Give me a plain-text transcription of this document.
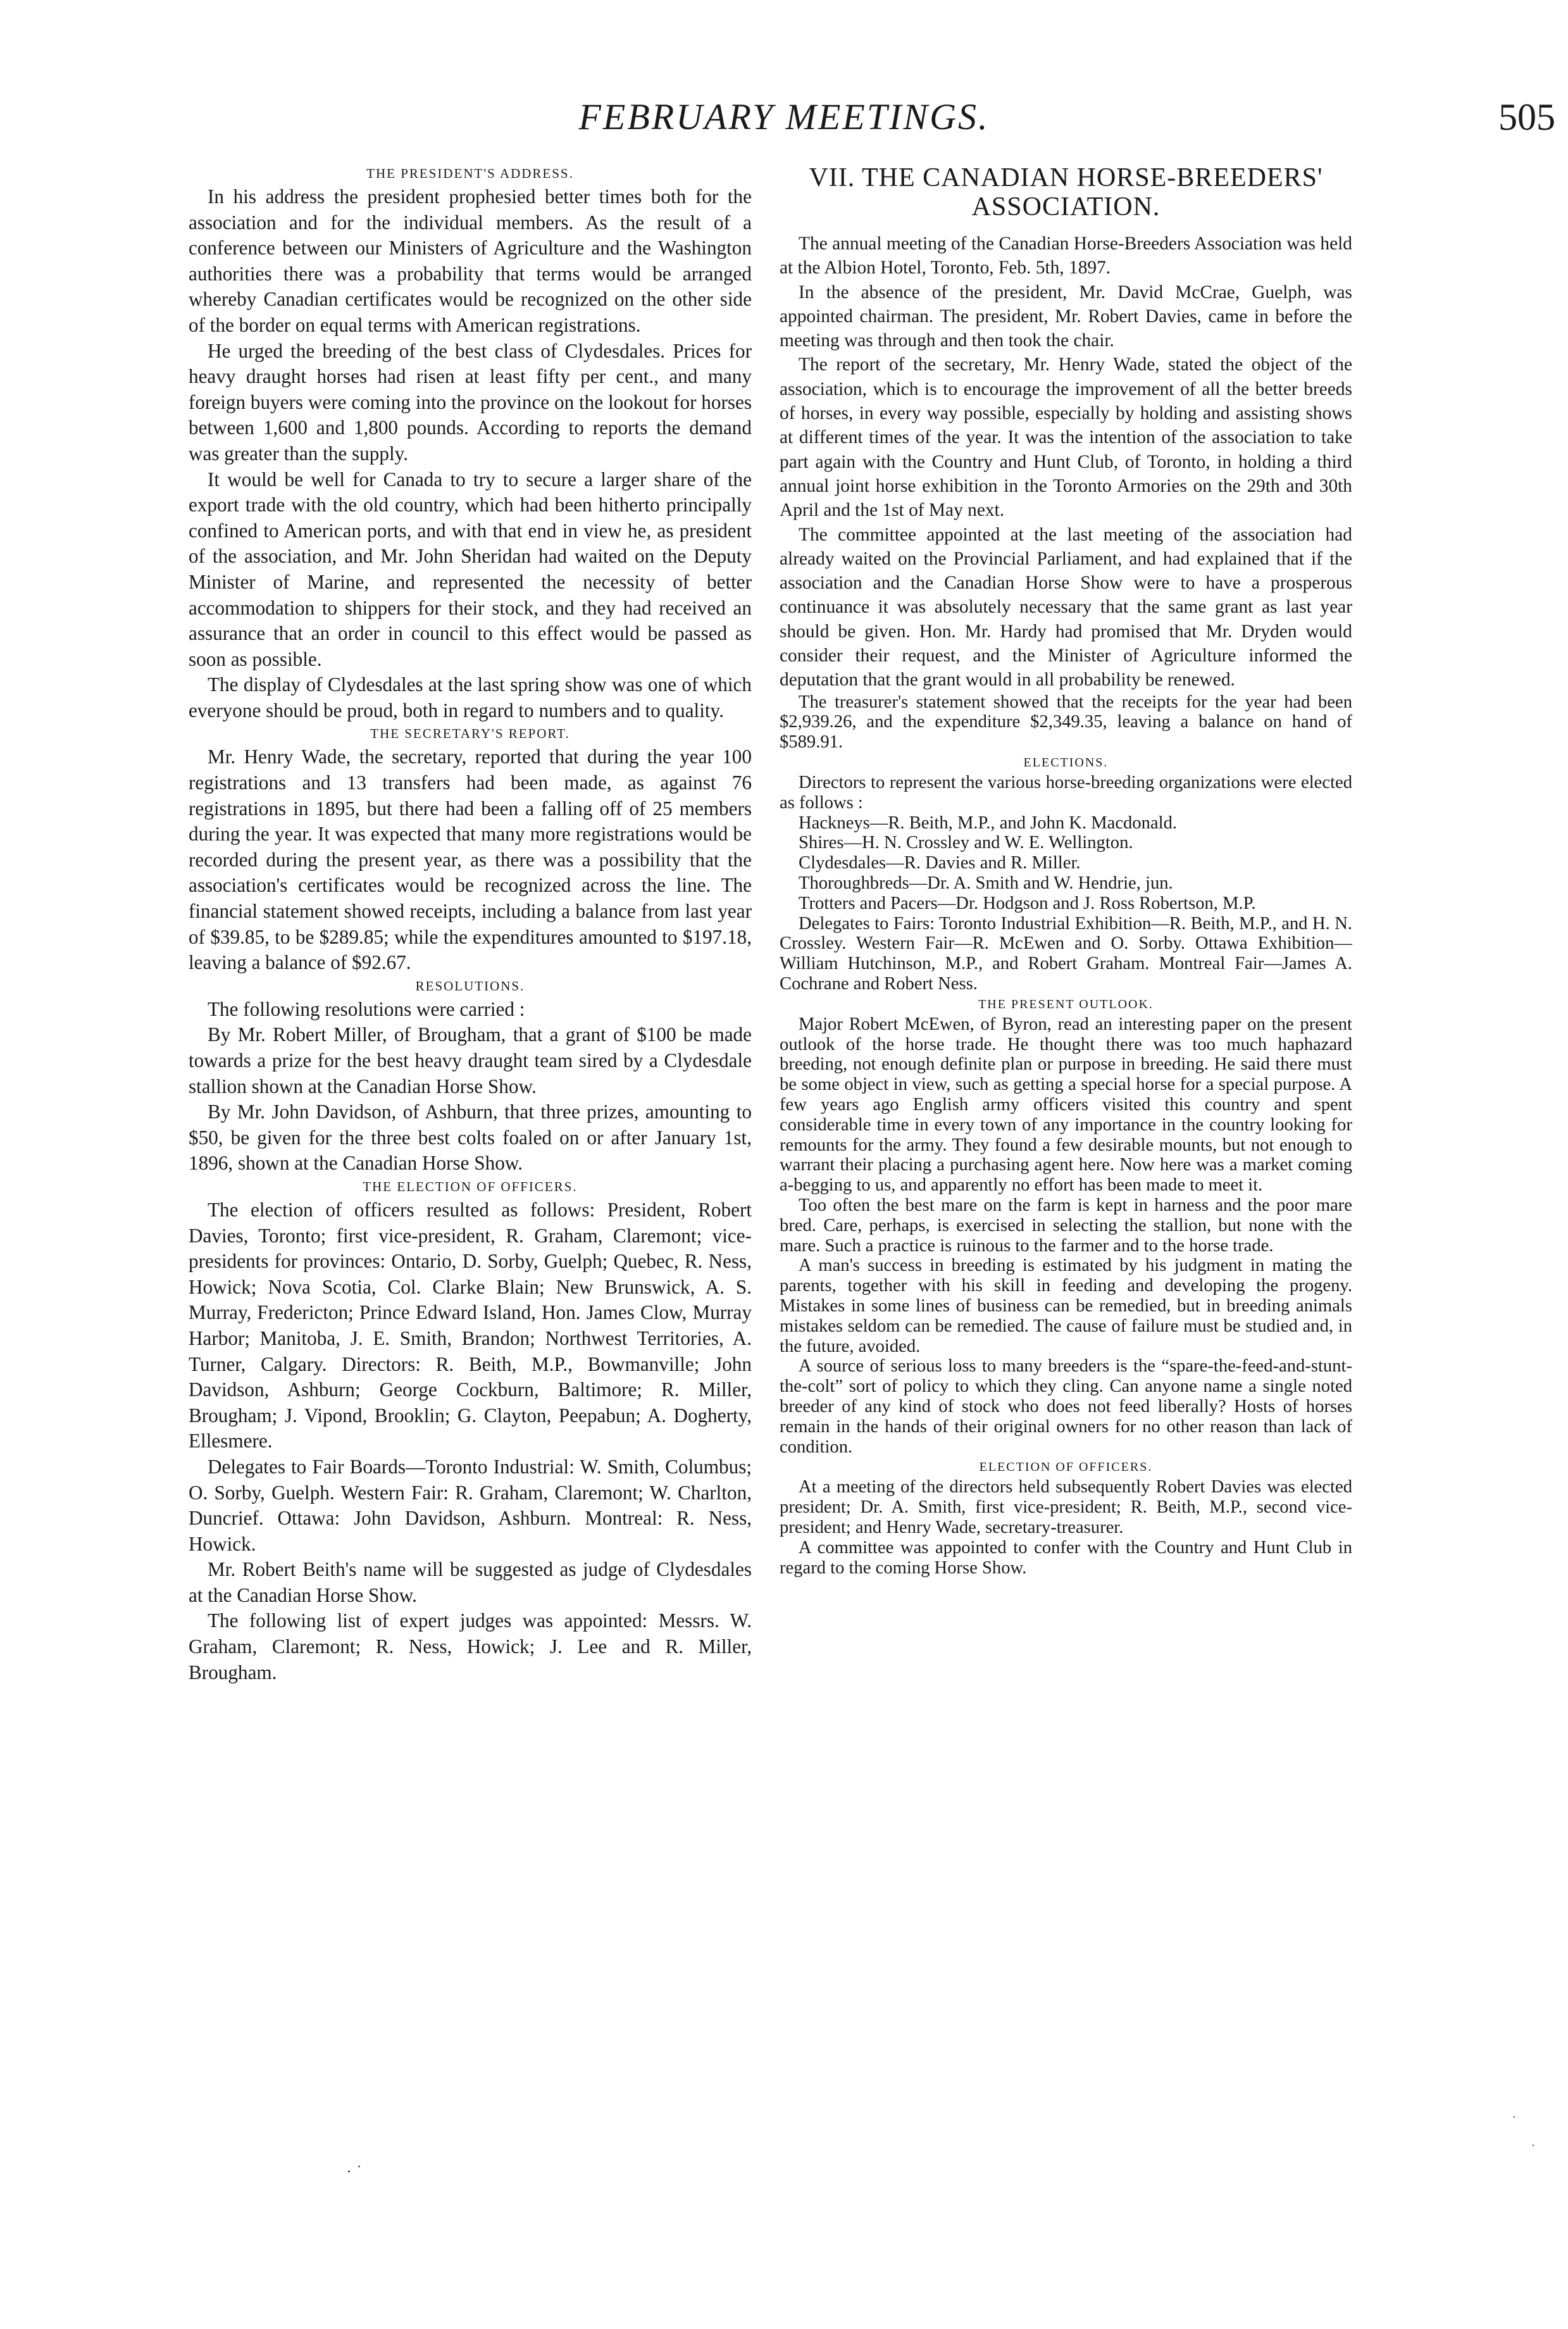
FEBRUARY MEETINGS.	505
THE PRESIDENT'S ADDRESS.

In his address the president prophesied better times both for the association and for the individual members. As the result of a conference between our Ministers of Agriculture and the Washington authorities there was a probability that terms would be arranged whereby Canadian certificates would be recognized on the other side of the border on equal terms with American registrations.

He urged the breeding of the best class of Clydesdales. Prices for heavy draught horses had risen at least fifty per cent., and many foreign buyers were coming into the province on the lookout for horses between 1,600 and 1,800 pounds. According to reports the demand was greater than the supply.

It would be well for Canada to try to secure a larger share of the export trade with the old country, which had been hitherto principally confined to American ports, and with that end in view he, as president of the association, and Mr. John Sheridan had waited on the Deputy Minister of Marine, and represented the necessity of better accommodation to shippers for their stock, and they had received an assurance that an order in council to this effect would be passed as soon as possible.

The display of Clydesdales at the last spring show was one of which everyone should be proud, both in regard to numbers and to quality.

THE SECRETARY'S REPORT.

Mr. Henry Wade, the secretary, reported that during the year 100 registrations and 13 transfers had been made, as against 76 registrations in 1895, but there had been a falling off of 25 members during the year. It was expected that many more registrations would be recorded during the present year, as there was a possibility that the association's certificates would be recognized across the line. The financial statement showed receipts, including a balance from last year of $39.85, to be $289.85; while the expenditures amounted to $197.18, leaving a balance of $92.67.

RESOLUTIONS.

The following resolutions were carried :

By Mr. Robert Miller, of Brougham, that a grant of $100 be made towards a prize for the best heavy draught team sired by a Clydesdale stallion shown at the Canadian Horse Show.

By Mr. John Davidson, of Ashburn, that three prizes, amounting to $50, be given for the three best colts foaled on or after January 1st, 1896, shown at the Canadian Horse Show.

THE ELECTION OF OFFICERS.

The election of officers resulted as follows: President, Robert Davies, Toronto; first vice-president, R. Graham, Claremont; vice-presidents for provinces: Ontario, D. Sorby, Guelph; Quebec, R. Ness, Howick; Nova Scotia, Col. Clarke Blain; New Brunswick, A. S. Murray, Fredericton; Prince Edward Island, Hon. James Clow, Murray Harbor; Manitoba, J. E. Smith, Brandon; Northwest Territories, A. Turner, Calgary. Directors: R. Beith, M.P., Bowmanville; John Davidson, Ashburn; George Cockburn, Baltimore; R. Miller, Brougham; J. Vipond, Brooklin; G. Clayton, Peepabun; A. Dogherty, Ellesmere.

Delegates to Fair Boards—Toronto Industrial: W. Smith, Columbus; O. Sorby, Guelph. Western Fair: R. Graham, Claremont; W. Charlton, Duncrief. Ottawa: John Davidson, Ashburn. Montreal: R. Ness, Howick.

Mr. Robert Beith's name will be suggested as judge of Clydesdales at the Canadian Horse Show.

The following list of expert judges was appointed: Messrs. W. Graham, Claremont; R. Ness, Howick; J. Lee and R. Miller, Brougham.

VII. THE CANADIAN HORSE-BREEDERS'
ASSOCIATION.

The annual meeting of the Canadian Horse-Breeders Association was held at the Albion Hotel, Toronto, Feb. 5th, 1897.

In the absence of the president, Mr. David McCrae, Guelph, was appointed chairman. The president, Mr. Robert Davies, came in before the meeting was through and then took the chair.

The report of the secretary, Mr. Henry Wade, stated the object of the association, which is to encourage the improvement of all the better breeds of horses, in every way possible, especially by holding and assisting shows at different times of the year. It was the intention of the association to take part again with the Country and Hunt Club, of Toronto, in holding a third annual joint horse exhibition in the Toronto Armories on the 29th and 30th April and the 1st of May next.

The committee appointed at the last meeting of the association had already waited on the Provincial Parliament, and had explained that if the association and the Canadian Horse Show were to have a prosperous continuance it was absolutely necessary that the same grant as last year should be given. Hon. Mr. Hardy had promised that Mr. Dryden would consider their request, and the Minister of Agriculture informed the deputation that the grant would in all probability be renewed.

The treasurer's statement showed that the receipts for the year had been $2,939.26, and the expenditure $2,349.35, leaving a balance on hand of $589.91.

ELECTIONS.

Directors to represent the various horse-breeding organizations were elected as follows :

Hackneys—R. Beith, M.P., and John K. Macdonald.

Shires—H. N. Crossley and W. E. Wellington.

Clydesdales—R. Davies and R. Miller.

Thoroughbreds—Dr. A. Smith and W. Hendrie, jun.

Trotters and Pacers—Dr. Hodgson and J. Ross Robertson, M.P.

Delegates to Fairs: Toronto Industrial Exhibition—R. Beith, M.P., and H. N. Crossley. Western Fair—R. McEwen and O. Sorby. Ottawa Exhibition—William Hutchinson, M.P., and Robert Graham. Montreal Fair—James A. Cochrane and Robert Ness.

THE PRESENT OUTLOOK.

Major Robert McEwen, of Byron, read an interesting paper on the present outlook of the horse trade. He thought there was too much haphazard breeding, not enough definite plan or purpose in breeding. He said there must be some object in view, such as getting a special horse for a special purpose. A few years ago English army officers visited this country and spent considerable time in every town of any importance in the country looking for remounts for the army. They found a few desirable mounts, but not enough to warrant their placing a purchasing agent here. Now here was a market coming a-begging to us, and apparently no effort has been made to meet it.

Too often the best mare on the farm is kept in harness and the poor mare bred. Care, perhaps, is exercised in selecting the stallion, but none with the mare. Such a practice is ruinous to the farmer and to the horse trade.

A man's success in breeding is estimated by his judgment in mating the parents, together with his skill in feeding and developing the progeny. Mistakes in some lines of business can be remedied, but in breeding animals mistakes seldom can be remedied. The cause of failure must be studied and, in the future, avoided.

A source of serious loss to many breeders is the “spare-the-feed-and-stunt-the-colt” sort of policy to which they cling. Can anyone name a single noted breeder of any kind of stock who does not feed liberally? Hosts of horses remain in the hands of their original owners for no other reason than lack of condition.

ELECTION OF OFFICERS.

At a meeting of the directors held subsequently Robert Davies was elected president; Dr. A. Smith, first vice-president; R. Beith, M.P., second vice-president; and Henry Wade, secretary-treasurer.

A committee was appointed to confer with the Country and Hunt Club in regard to the coming Horse Show.

· ˙
·
·
